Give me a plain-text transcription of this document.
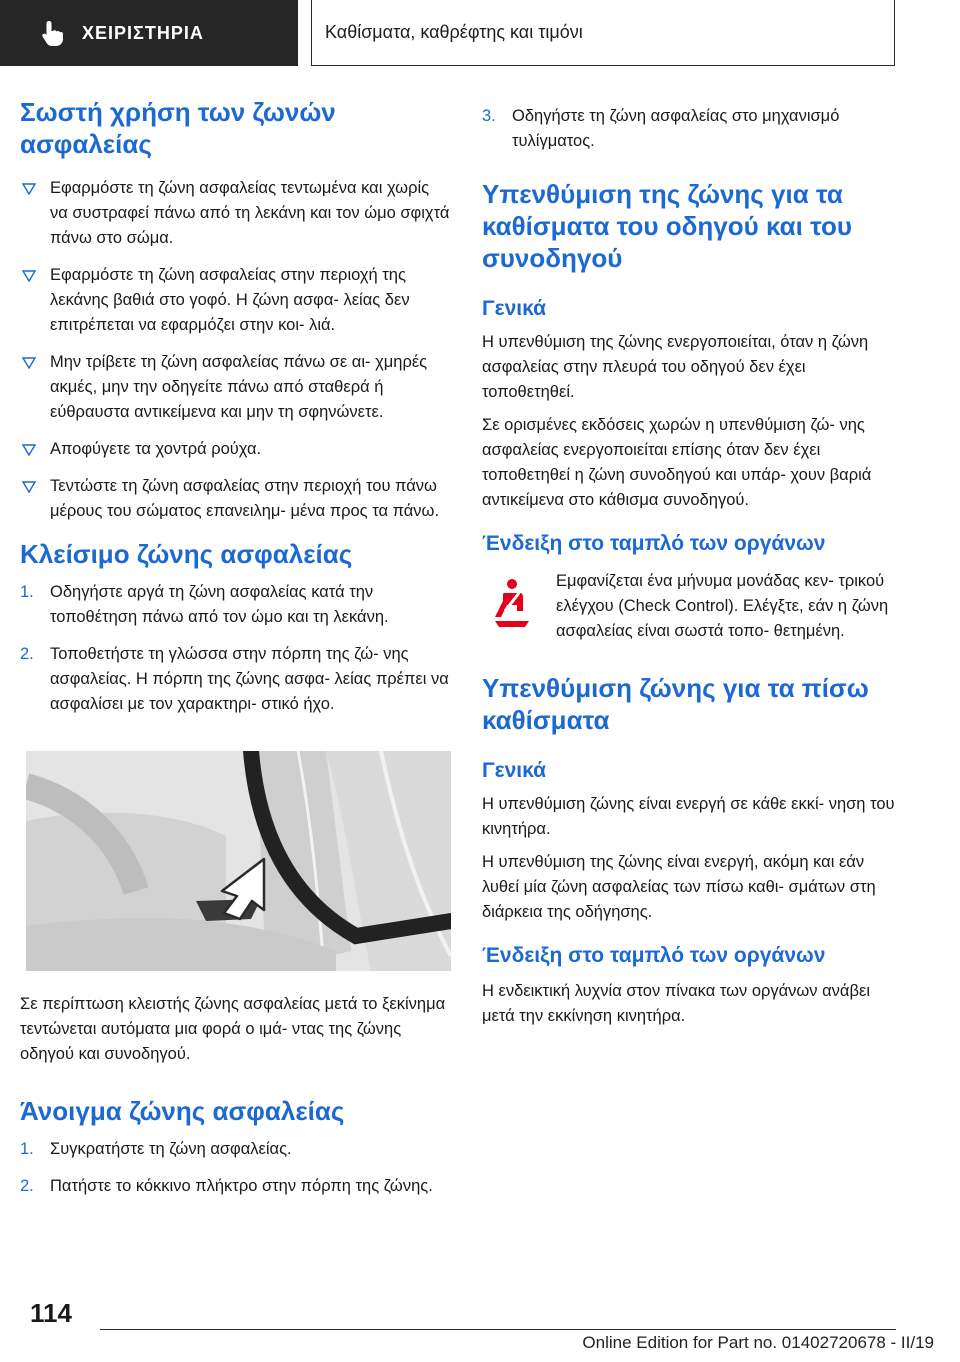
ΧΕΙΡΙΣΤΗΡΙΑ	Καθίσματα, καθρέφτης και τιμόνι
Σωστή χρήση των ζωνών ασφαλείας
Εφαρμόστε τη ζώνη ασφαλείας τεντωμένα και χωρίς να συστραφεί πάνω από τη λεκάνη και τον ώμο σφιχτά πάνω στο σώμα.
Εφαρμόστε τη ζώνη ασφαλείας στην περιοχή της λεκάνης βαθιά στο γοφό. Η ζώνη ασφα- λείας δεν επιτρέπεται να εφαρμόζει στην κοι- λιά.
Μην τρίβετε τη ζώνη ασφαλείας πάνω σε αι- χμηρές ακμές, μην την οδηγείτε πάνω από σταθερά ή εύθραυστα αντικείμενα και μην τη σφηνώνετε.
Αποφύγετε τα χοντρά ρούχα.
Τεντώστε τη ζώνη ασφαλείας στην περιοχή του πάνω μέρους του σώματος επανειλημ- μένα προς τα πάνω.
Κλείσιμο ζώνης ασφαλείας
1. Οδηγήστε αργά τη ζώνη ασφαλείας κατά την τοποθέτηση πάνω από τον ώμο και τη λεκάνη.
2. Τοποθετήστε τη γλώσσα στην πόρπη της ζώ- νης ασφαλείας. Η πόρπη της ζώνης ασφα- λείας πρέπει να ασφαλίσει με τον χαρακτηρι- στικό ήχο.

Σε περίπτωση κλειστής ζώνης ασφαλείας μετά το ξεκίνημα τεντώνεται αυτόματα μια φορά ο ιμά- ντας της ζώνης οδηγού και συνοδηγού.

Άνοιγμα ζώνης ασφαλείας
1. Συγκρατήστε τη ζώνη ασφαλείας.
2. Πατήστε το κόκκινο πλήκτρο στην πόρπη της ζώνης.
3. Οδηγήστε τη ζώνη ασφαλείας στο μηχανισμό τυλίγματος.
Υπενθύμιση της ζώνης για τα καθίσματα του οδηγού και του συνοδηγού
Γενικά

Η υπενθύμιση της ζώνης ενεργοποιείται, όταν η ζώνη ασφαλείας στην πλευρά του οδηγού δεν έχει τοποθετηθεί.

Σε ορισμένες εκδόσεις χωρών η υπενθύμιση ζώ- νης ασφαλείας ενεργοποιείται επίσης όταν δεν έχει τοποθετηθεί η ζώνη συνοδηγού και υπάρ- χουν βαριά αντικείμενα στο κάθισμα συνοδηγού.

Ένδειξη στο ταμπλό των οργάνων

Εμφανίζεται ένα μήνυμα μονάδας κεν- τρικού ελέγχου (Check Control). Ελέγξτε, εάν η ζώνη ασφαλείας είναι σωστά τοπο- θετημένη.

Υπενθύμιση ζώνης για τα πίσω καθίσματα
Γενικά

Η υπενθύμιση ζώνης είναι ενεργή σε κάθε εκκί- νηση του κινητήρα.

Η υπενθύμιση της ζώνης είναι ενεργή, ακόμη και εάν λυθεί μία ζώνη ασφαλείας των πίσω καθι- σμάτων στη διάρκεια της οδήγησης.

Ένδειξη στο ταμπλό των οργάνων

Η ενδεικτική λυχνία στον πίνακα των οργάνων ανάβει μετά την εκκίνηση κινητήρα.

114
Online Edition for Part no. 01402720678 - II/19
